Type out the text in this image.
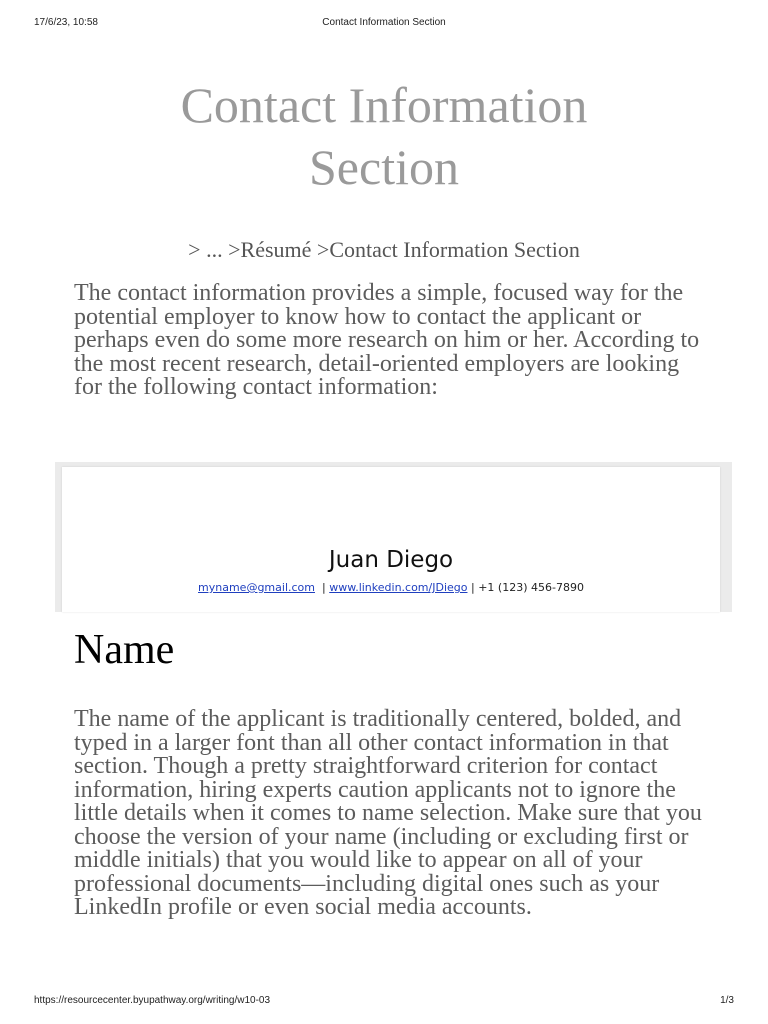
17/6/23, 10:58	Contact Information Section
Contact Information
Section
> ... >Résumé >Contact Information Section

The contact information provides a simple, focused way for the potential employer to know how to contact the applicant or perhaps even do some more research on him or her. According to the most recent research, detail-oriented employers are looking for the following contact information:

Juan Diego
myname@gmail.com | www.linkedin.com/JDiego | +1 (123) 456-7890
Name

The name of the applicant is traditionally centered, bolded, and typed in a larger font than all other contact information in that section. Though a pretty straightforward criterion for contact information, hiring experts caution applicants not to ignore the little details when it comes to name selection. Make sure that you choose the version of your name (including or excluding first or middle initials) that you would like to appear on all of your professional documents—including digital ones such as your LinkedIn profile or even social media accounts.

https://resourcecenter.byupathway.org/writing/w10-03	1/3
